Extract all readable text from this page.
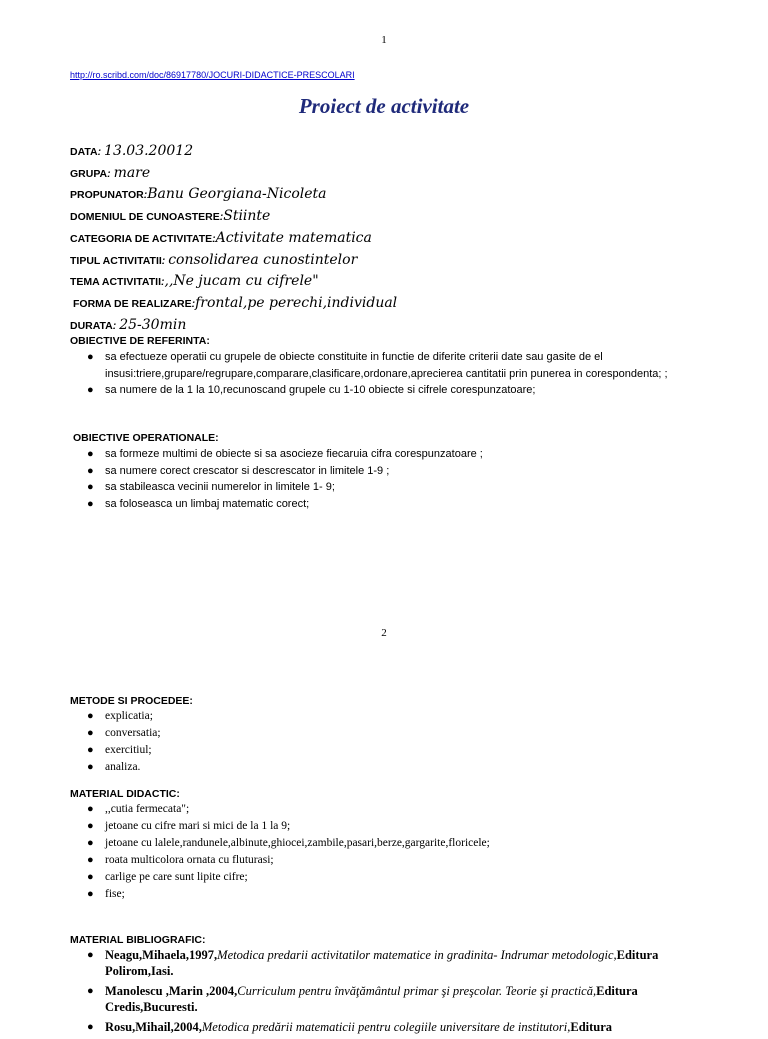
1
http://ro.scribd.com/doc/86917780/JOCURI-DIDACTICE-PRESCOLARI
Proiect de activitate
DATA: 13.03.20012
GRUPA: mare
PROPUNATOR:Banu Georgiana-Nicoleta
DOMENIUL DE CUNOASTERE:Stiinte
CATEGORIA DE ACTIVITATE:Activitate matematica
TIPUL ACTIVITATII: consolidarea cunostintelor
TEMA ACTIVITATII:,,Ne jucam cu cifrele"
FORMA DE REALIZARE:frontal,pe perechi,individual
DURATA: 25-30min
OBIECTIVE DE REFERINTA:
● sa efectueze operatii cu grupele de obiecte constituite in functie de diferite criterii date sau gasite de el insusi:triere,grupare/regrupare,comparare,clasificare,ordonare,aprecierea cantitatii prin punerea in corespondenta; ;
● sa numere de la 1 la 10,recunoscand grupele cu 1-10 obiecte si cifrele corespunzatoare;
OBIECTIVE OPERATIONALE:
● sa formeze multimi de obiecte si sa asocieze fiecaruia cifra corespunzatoare ;
● sa numere corect crescator si descrescator in limitele 1-9 ;
● sa stabileasca vecinii numerelor in limitele 1- 9;
● sa foloseasca un limbaj matematic corect;
2
METODE SI PROCEDEE:
● explicatia;
● conversatia;
● exercitiul;
● analiza.
MATERIAL DIDACTIC:
● ,,cutia fermecata";
● jetoane cu cifre mari si mici de la 1 la 9;
● jetoane cu lalele,randunele,albinute,ghiocei,zambile,pasari,berze,gargarite,floricele;
● roata multicolora ornata cu fluturasi;
● carlige pe care sunt lipite cifre;
● fise;
MATERIAL BIBLIOGRAFIC:
● Neagu,Mihaela,1997,Metodica predarii activitatilor matematice in gradinita- Indrumar metodologic,Editura Polirom,Iasi.
● Manolescu ,Marin ,2004,Curriculum pentru învăţământul primar şi preşcolar. Teorie şi practică,Editura Credis,Bucuresti.
● Rosu,Mihail,2004,Metodica predării matematicii pentru colegiile universitare de institutori,Editura
